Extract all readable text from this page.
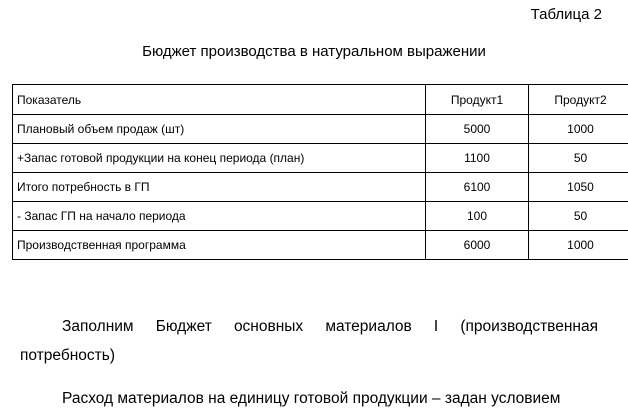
Таблица 2
Бюджет производства в натуральном выражении
Показатель	Продукт1	Продукт2
Плановый объем продаж (шт)	5000	1000
+Запас готовой продукции на конец периода (план)	1100	50
Итого потребность в ГП	6100	1050
- Запас ГП на начало периода	100	50
Производственная программа	6000	1000

Заполним Бюджет основных материалов I (производственная потребность)

Расход материалов на единицу готовой продукции – задан условием
